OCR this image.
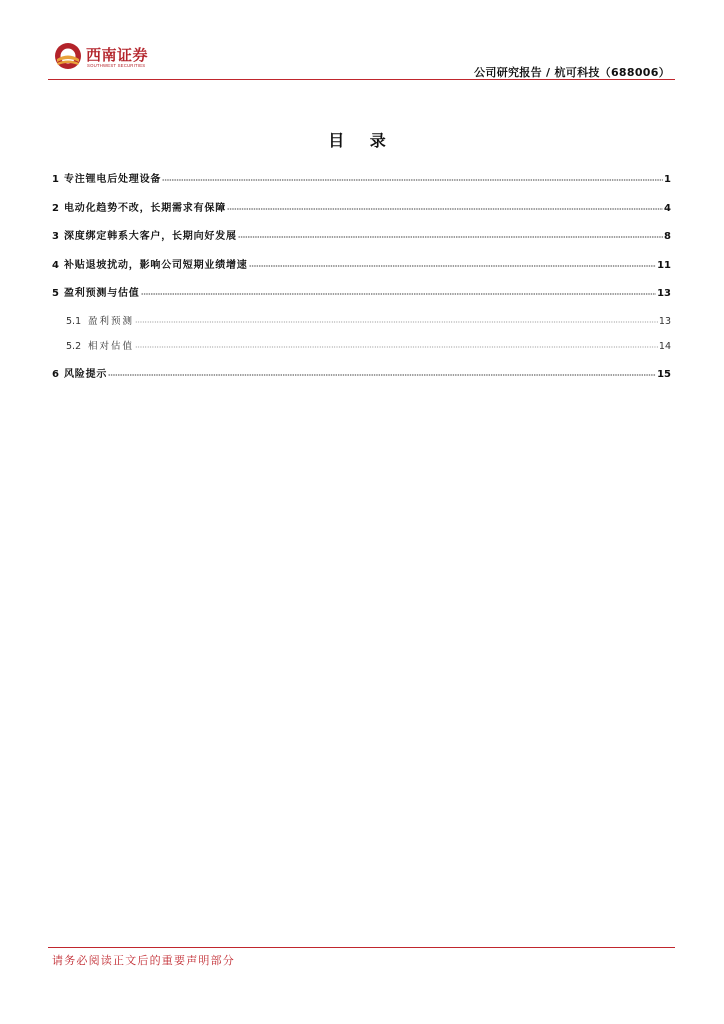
西南证券
SOUTHWEST SECURITIES
公司研究报告 / 杭可科技（688006）
目 录
1 专注锂电后处理设备	1
2 电动化趋势不改，长期需求有保障	4
3 深度绑定韩系大客户，长期向好发展	8
4 补贴退坡扰动，影响公司短期业绩增速	11
5 盈利预测与估值	13
5.1 盈利预测	13
5.2 相对估值	14
6 风险提示	15
请务必阅读正文后的重要声明部分
